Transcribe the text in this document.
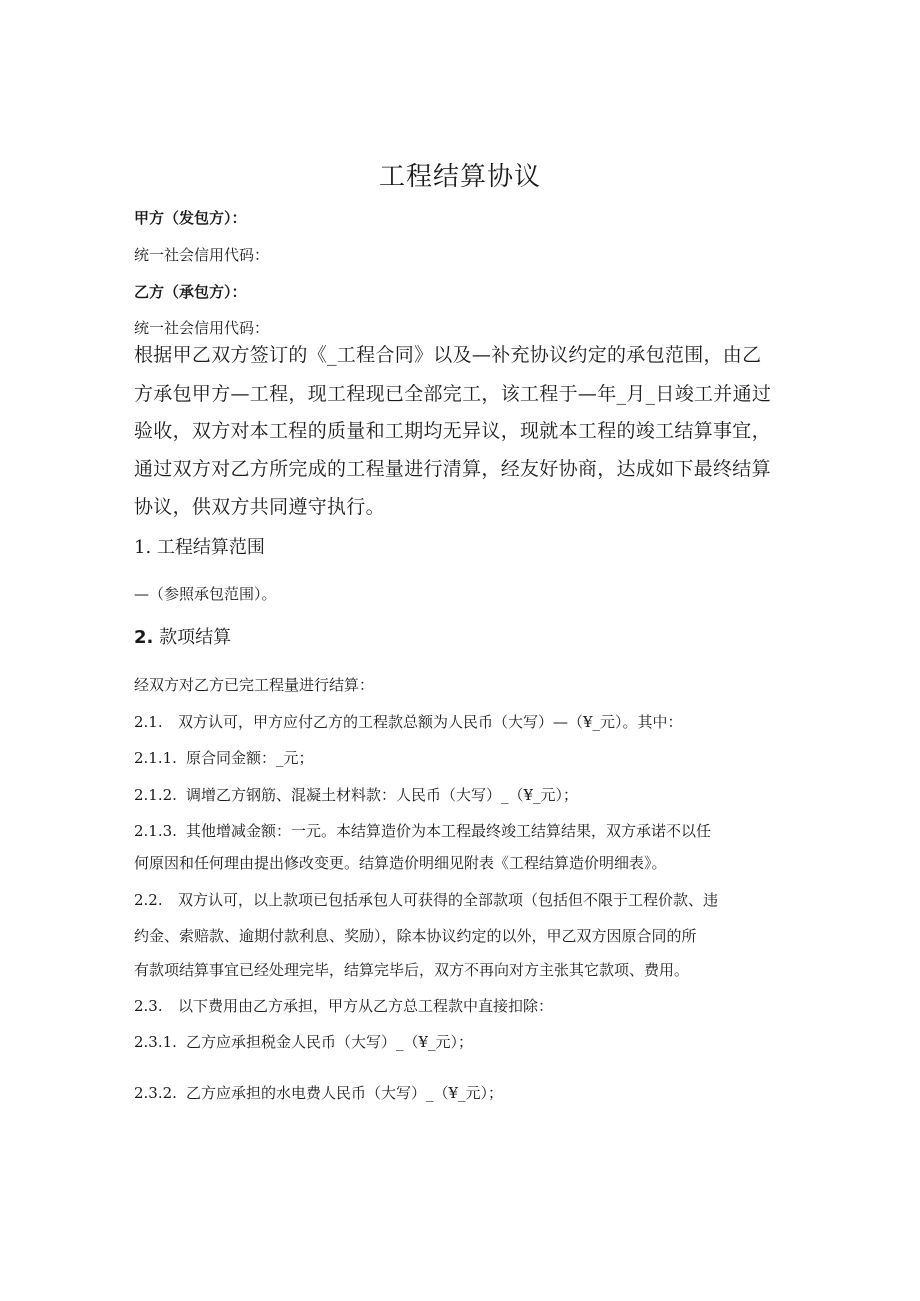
工程结算协议
甲方（发包方）：
统一社会信用代码：
乙方（承包方）：
统一社会信用代码：
根据甲乙双方签订的《_工程合同》以及—补充协议约定的承包范围，由乙
方承包甲方—工程，现工程现已全部完工，该工程于—年_月_日竣工并通过
验收，双方对本工程的质量和工期均无异议，现就本工程的竣工结算事宜，
通过双方对乙方所完成的工程量进行清算，经友好协商，达成如下最终结算
协议，供双方共同遵守执行。
1. 工程结算范围
—（参照承包范围）。
2. 款项结算
经双方对乙方已完工程量进行结算：
2.1. 双方认可，甲方应付乙方的工程款总额为人民币（大写）—（¥_元）。其中：
2.1.1. 原合同金额：_元；
2.1.2. 调增乙方钢筋、混凝土材料款：人民币（大写）_（¥_元）；
2.1.3. 其他增减金额：一元。本结算造价为本工程最终竣工结算结果，双方承诺不以任
何原因和任何理由提出修改变更。结算造价明细见附表《工程结算造价明细表》。
2.2. 双方认可，以上款项已包括承包人可获得的全部款项（包括但不限于工程价款、违
约金、索赔款、逾期付款利息、奖励），除本协议约定的以外，甲乙双方因原合同的所
有款项结算事宜已经处理完毕，结算完毕后，双方不再向对方主张其它款项、费用。
2.3. 以下费用由乙方承担，甲方从乙方总工程款中直接扣除：
2.3.1. 乙方应承担税金人民币（大写）_（¥_元）；
2.3.2. 乙方应承担的水电费人民币（大写）_（¥_元）；
